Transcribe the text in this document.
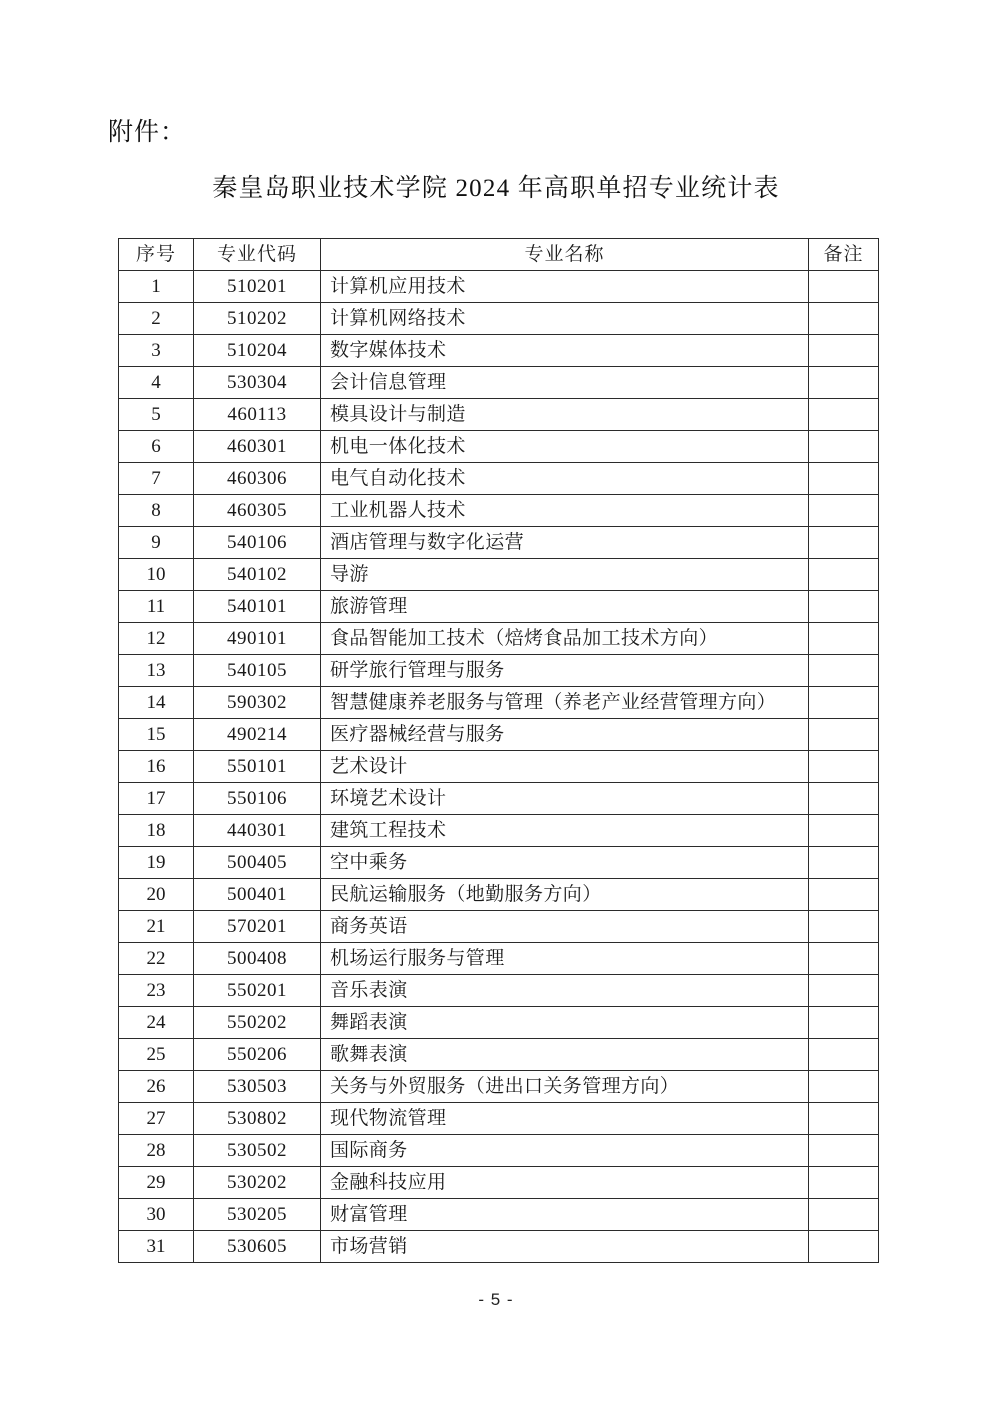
附件：
秦皇岛职业技术学院 2024 年高职单招专业统计表
序号	专业代码	专业名称	备注
1	510201	计算机应用技术	
2	510202	计算机网络技术	
3	510204	数字媒体技术	
4	530304	会计信息管理	
5	460113	模具设计与制造	
6	460301	机电一体化技术	
7	460306	电气自动化技术	
8	460305	工业机器人技术	
9	540106	酒店管理与数字化运营	
10	540102	导游	
11	540101	旅游管理	
12	490101	食品智能加工技术（焙烤食品加工技术方向）	
13	540105	研学旅行管理与服务	
14	590302	智慧健康养老服务与管理（养老产业经营管理方向）	
15	490214	医疗器械经营与服务	
16	550101	艺术设计	
17	550106	环境艺术设计	
18	440301	建筑工程技术	
19	500405	空中乘务	
20	500401	民航运输服务（地勤服务方向）	
21	570201	商务英语	
22	500408	机场运行服务与管理	
23	550201	音乐表演	
24	550202	舞蹈表演	
25	550206	歌舞表演	
26	530503	关务与外贸服务（进出口关务管理方向）	
27	530802	现代物流管理	
28	530502	国际商务	
29	530202	金融科技应用	
30	530205	财富管理	
31	530605	市场营销	
- 5 -
